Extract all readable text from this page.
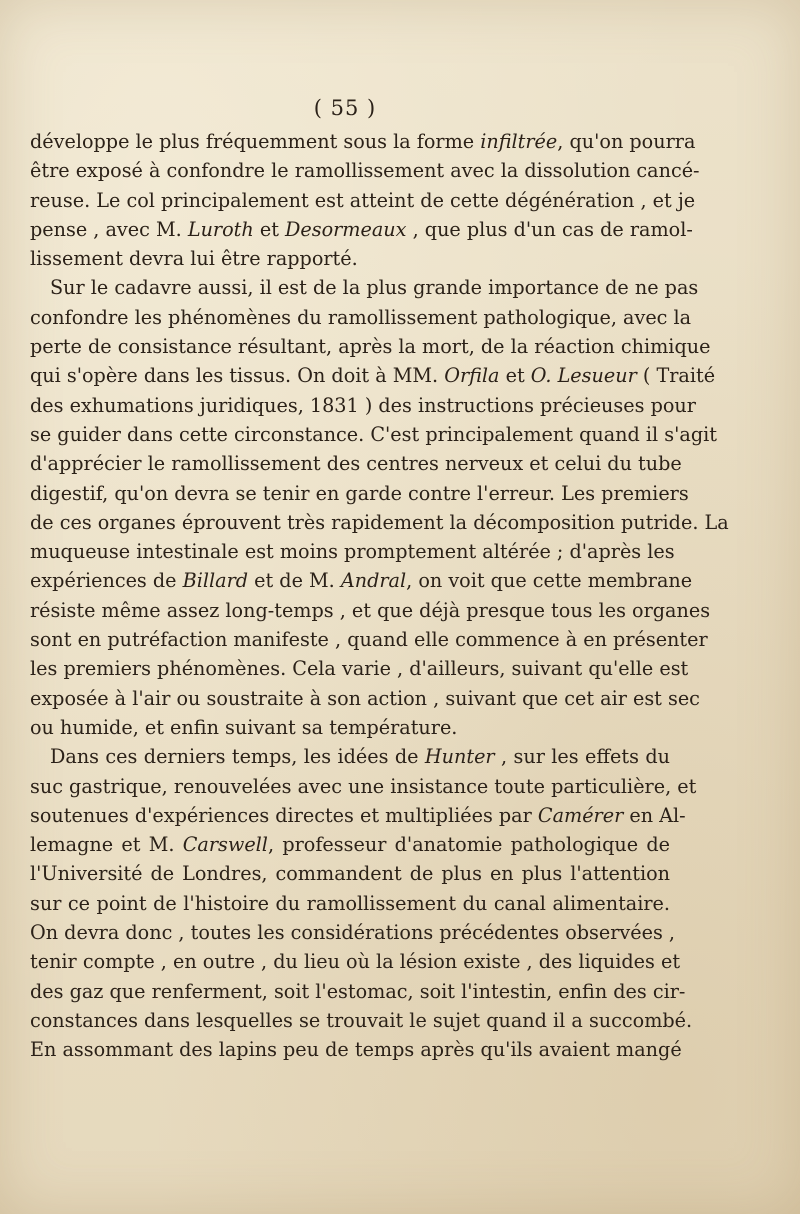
( 55 )
développe le plus fréquemment sous la forme infiltrée, qu'on pourra
être exposé à confondre le ramollissement avec la dissolution cancé-
reuse. Le col principalement est atteint de cette dégénération , et je
pense , avec M. Luroth et Desormeaux , que plus d'un cas de ramol-
lissement devra lui être rapporté.
Sur le cadavre aussi, il est de la plus grande importance de ne pas
confondre les phénomènes du ramollissement pathologique, avec la
perte de consistance résultant, après la mort, de la réaction chimique
qui s'opère dans les tissus. On doit à MM. Orfila et O. Lesueur ( Traité
des exhumations juridiques, 1831 ) des instructions précieuses pour
se guider dans cette circonstance. C'est principalement quand il s'agit
d'apprécier le ramollissement des centres nerveux et celui du tube
digestif, qu'on devra se tenir en garde contre l'erreur. Les premiers
de ces organes éprouvent très rapidement la décomposition putride. La
muqueuse intestinale est moins promptement altérée ; d'après les
expériences de Billard et de M. Andral, on voit que cette membrane
résiste même assez long-temps , et que déjà presque tous les organes
sont en putréfaction manifeste , quand elle commence à en présenter
les premiers phénomènes. Cela varie , d'ailleurs, suivant qu'elle est
exposée à l'air ou soustraite à son action , suivant que cet air est sec
ou humide, et enfin suivant sa température.
Dans ces derniers temps, les idées de Hunter , sur les effets du
suc gastrique, renouvelées avec une insistance toute particulière, et
soutenues d'expériences directes et multipliées par Camérer en Al-
lemagne et M. Carswell, professeur d'anatomie pathologique de
l'Université de Londres, commandent de plus en plus l'attention
sur ce point de l'histoire du ramollissement du canal alimentaire.
On devra donc , toutes les considérations précédentes observées ,
tenir compte , en outre , du lieu où la lésion existe , des liquides et
des gaz que renferment, soit l'estomac, soit l'intestin, enfin des cir-
constances dans lesquelles se trouvait le sujet quand il a succombé.
En assommant des lapins peu de temps après qu'ils avaient mangé
